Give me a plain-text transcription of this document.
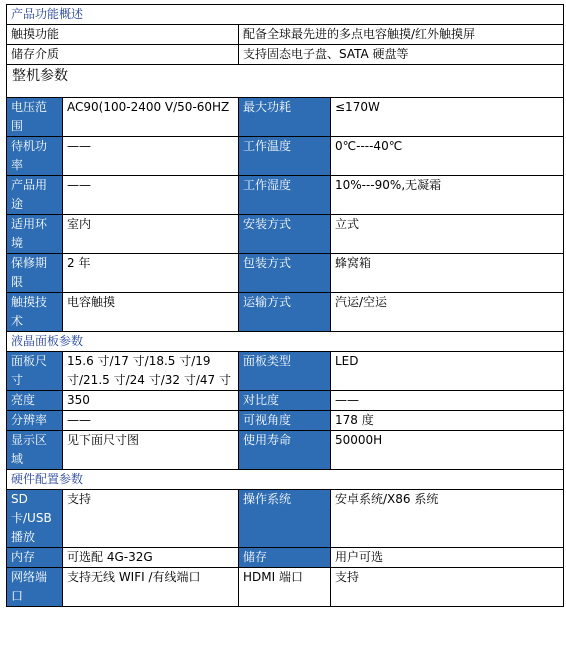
产品功能概述			
触摸功能		配备全球最先进的多点电容触摸/红外触摸屏	
储存介质		支持固态电子盘、SATA 硬盘等	
整机参数			
电压范围	AC90(100-2400 V/50-60HZ	最大功耗	≤170W
待机功率	——	工作温度	0℃----40℃
产品用途	——	工作湿度	10%---90%,无凝霜
适用环境	室内	安装方式	立式
保修期限	2 年	包装方式	蜂窝箱
触摸技术	电容触摸	运输方式	汽运/空运
液晶面板参数			
面板尺寸	15.6 寸/17 寸/18.5 寸/19 寸/21.5 寸/24 寸/32 寸/47 寸	面板类型	LED
亮度	350	对比度	——
分辨率	——	可视角度	178 度
显示区域	见下面尺寸图	使用寿命	50000H
硬件配置参数			
SD 卡/USB 播放	支持	操作系统	安卓系统/X86 系统
内存	可选配 4G-32G	储存	用户可选
网络端口	支持无线 WIFI /有线端口	HDMI 端口	支持
